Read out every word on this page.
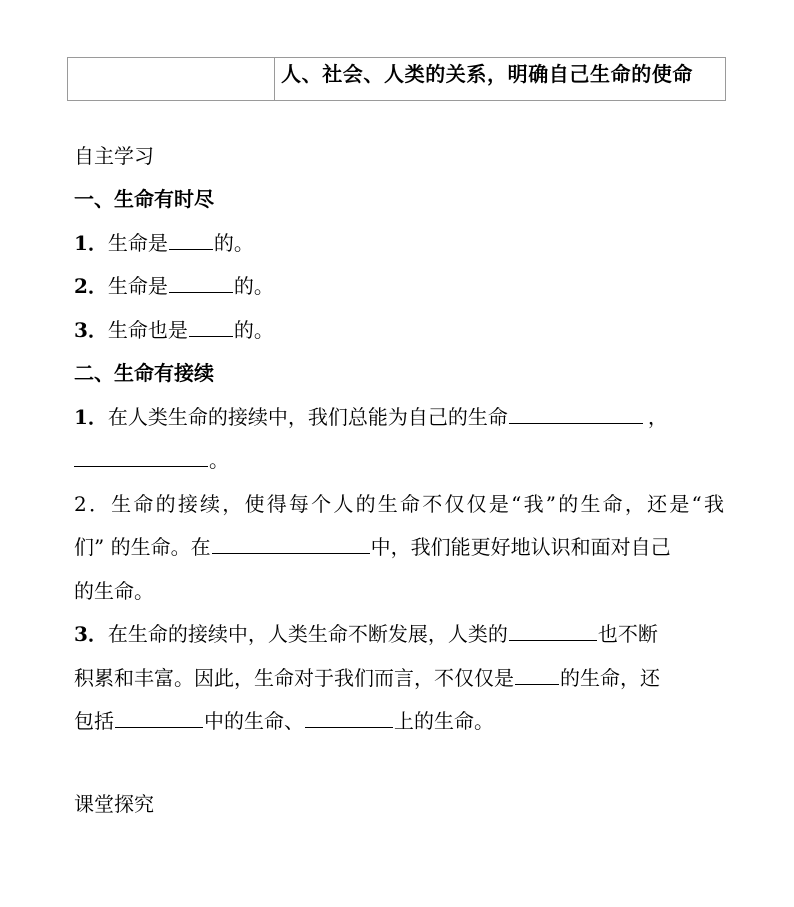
人、社会、人类的关系，明确自己生命的使命
自主学习
一、生命有时尽
1．生命是 的。
2．生命是	的。
3．生命也是 的。
二、生命有接续
1．在人类生命的接续中，我们总能为自己的生命	，
。
2．生命的接续，使得每个人的生命不仅仅是“我”的生命，还是“我
们” 的生命。在	中，我们能更好地认识和面对自己
的生命。
3．在生命的接续中，人类生命不断发展，人类的	也不断
积累和丰富。因此，生命对于我们而言，不仅仅是 的生命，还
包括	中的生命、	上的生命。
课堂探究
